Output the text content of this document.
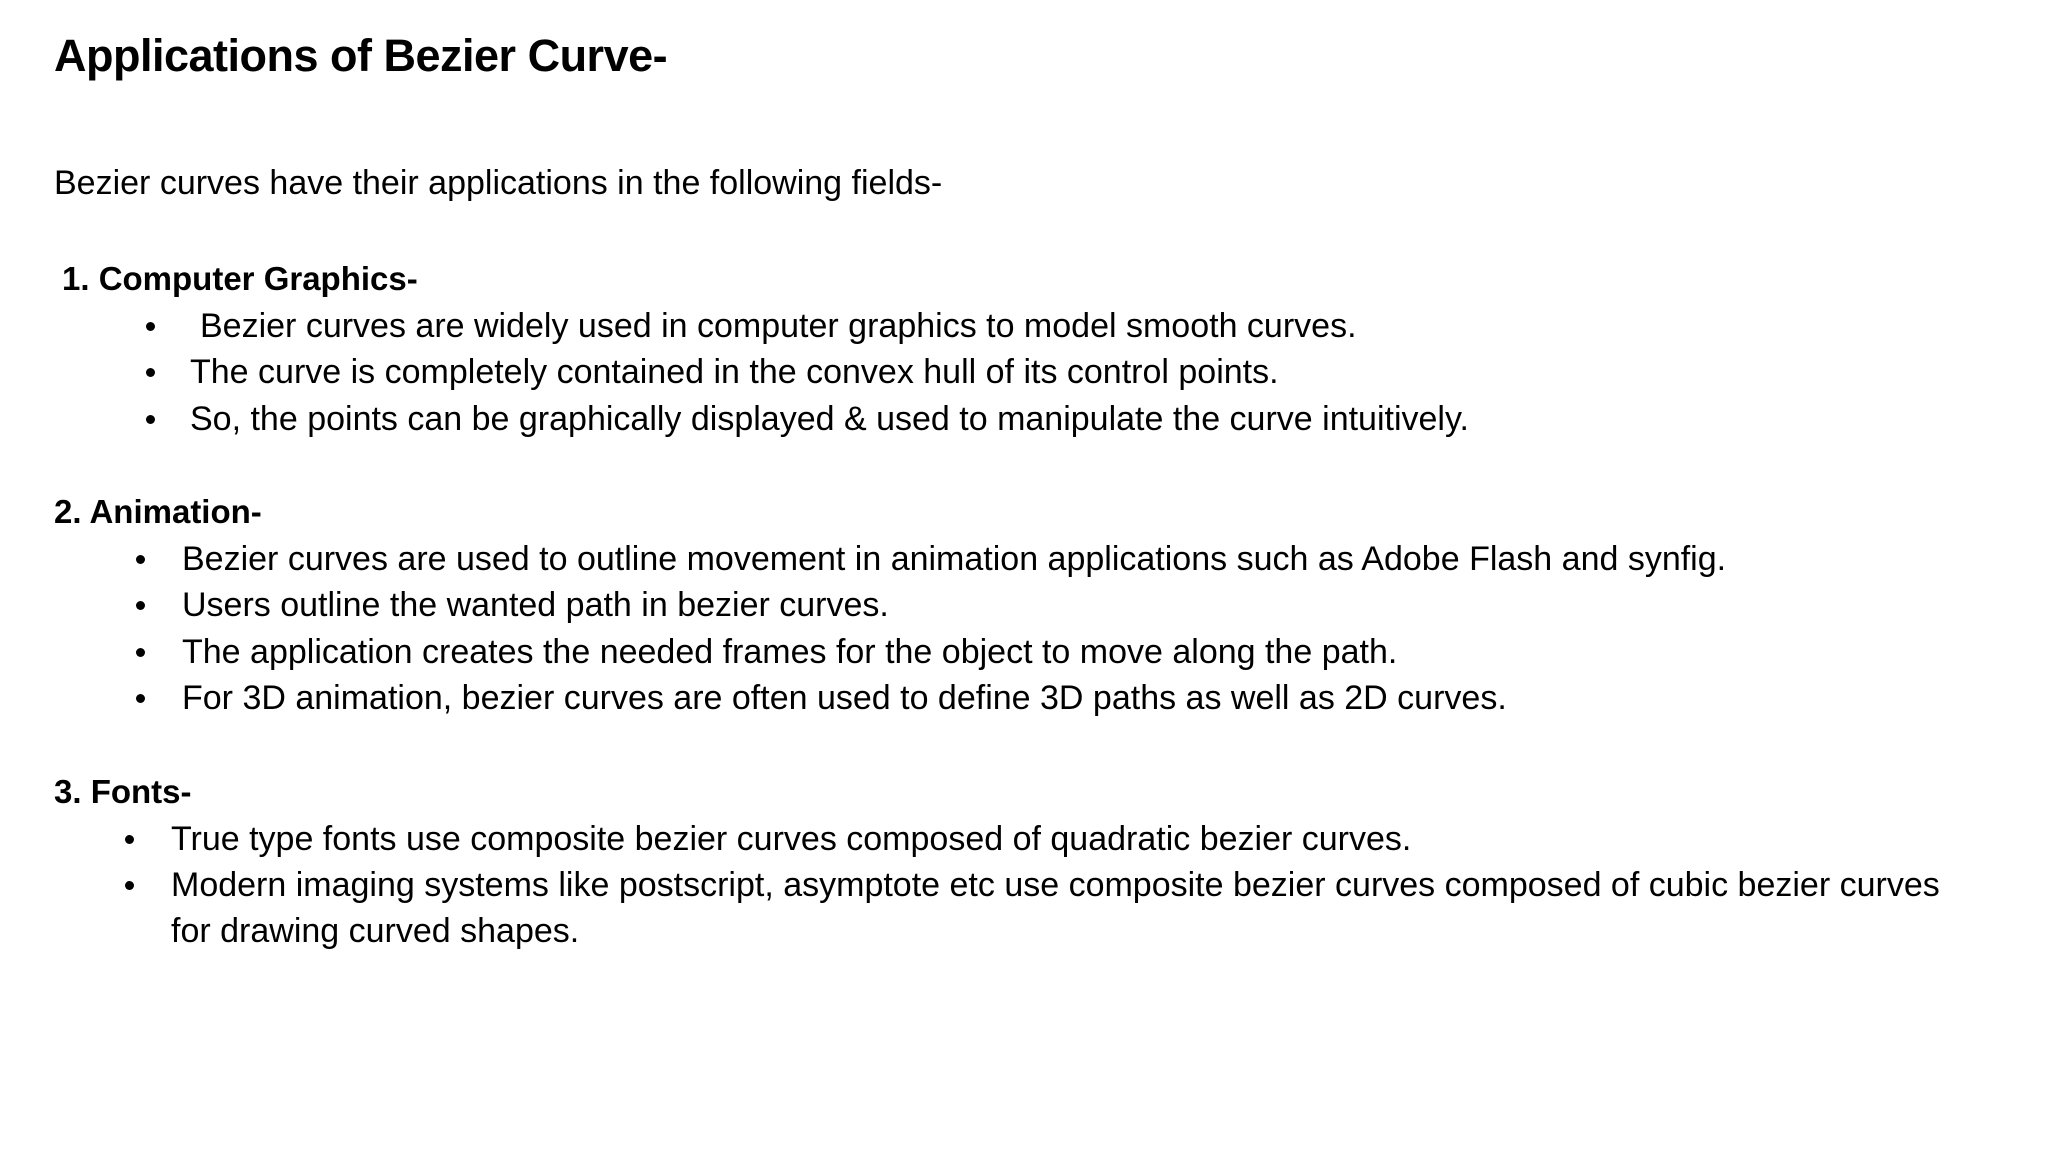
Applications of Bezier Curve-
Bezier curves have their applications in the following fields-
1. Computer Graphics-
Bezier curves are widely used in computer graphics to model smooth curves.
The curve is completely contained in the convex hull of its control points.
So, the points can be graphically displayed & used to manipulate the curve intuitively.
2. Animation-
Bezier curves are used to outline movement in animation applications such as Adobe Flash and synfig.
Users outline the wanted path in bezier curves.
The application creates the needed frames for the object to move along the path.
For 3D animation, bezier curves are often used to define 3D paths as well as 2D curves.
3. Fonts-
True type fonts use composite bezier curves composed of quadratic bezier curves.
Modern imaging systems like postscript, asymptote etc use composite bezier curves composed of cubic bezier curves for drawing curved shapes.
